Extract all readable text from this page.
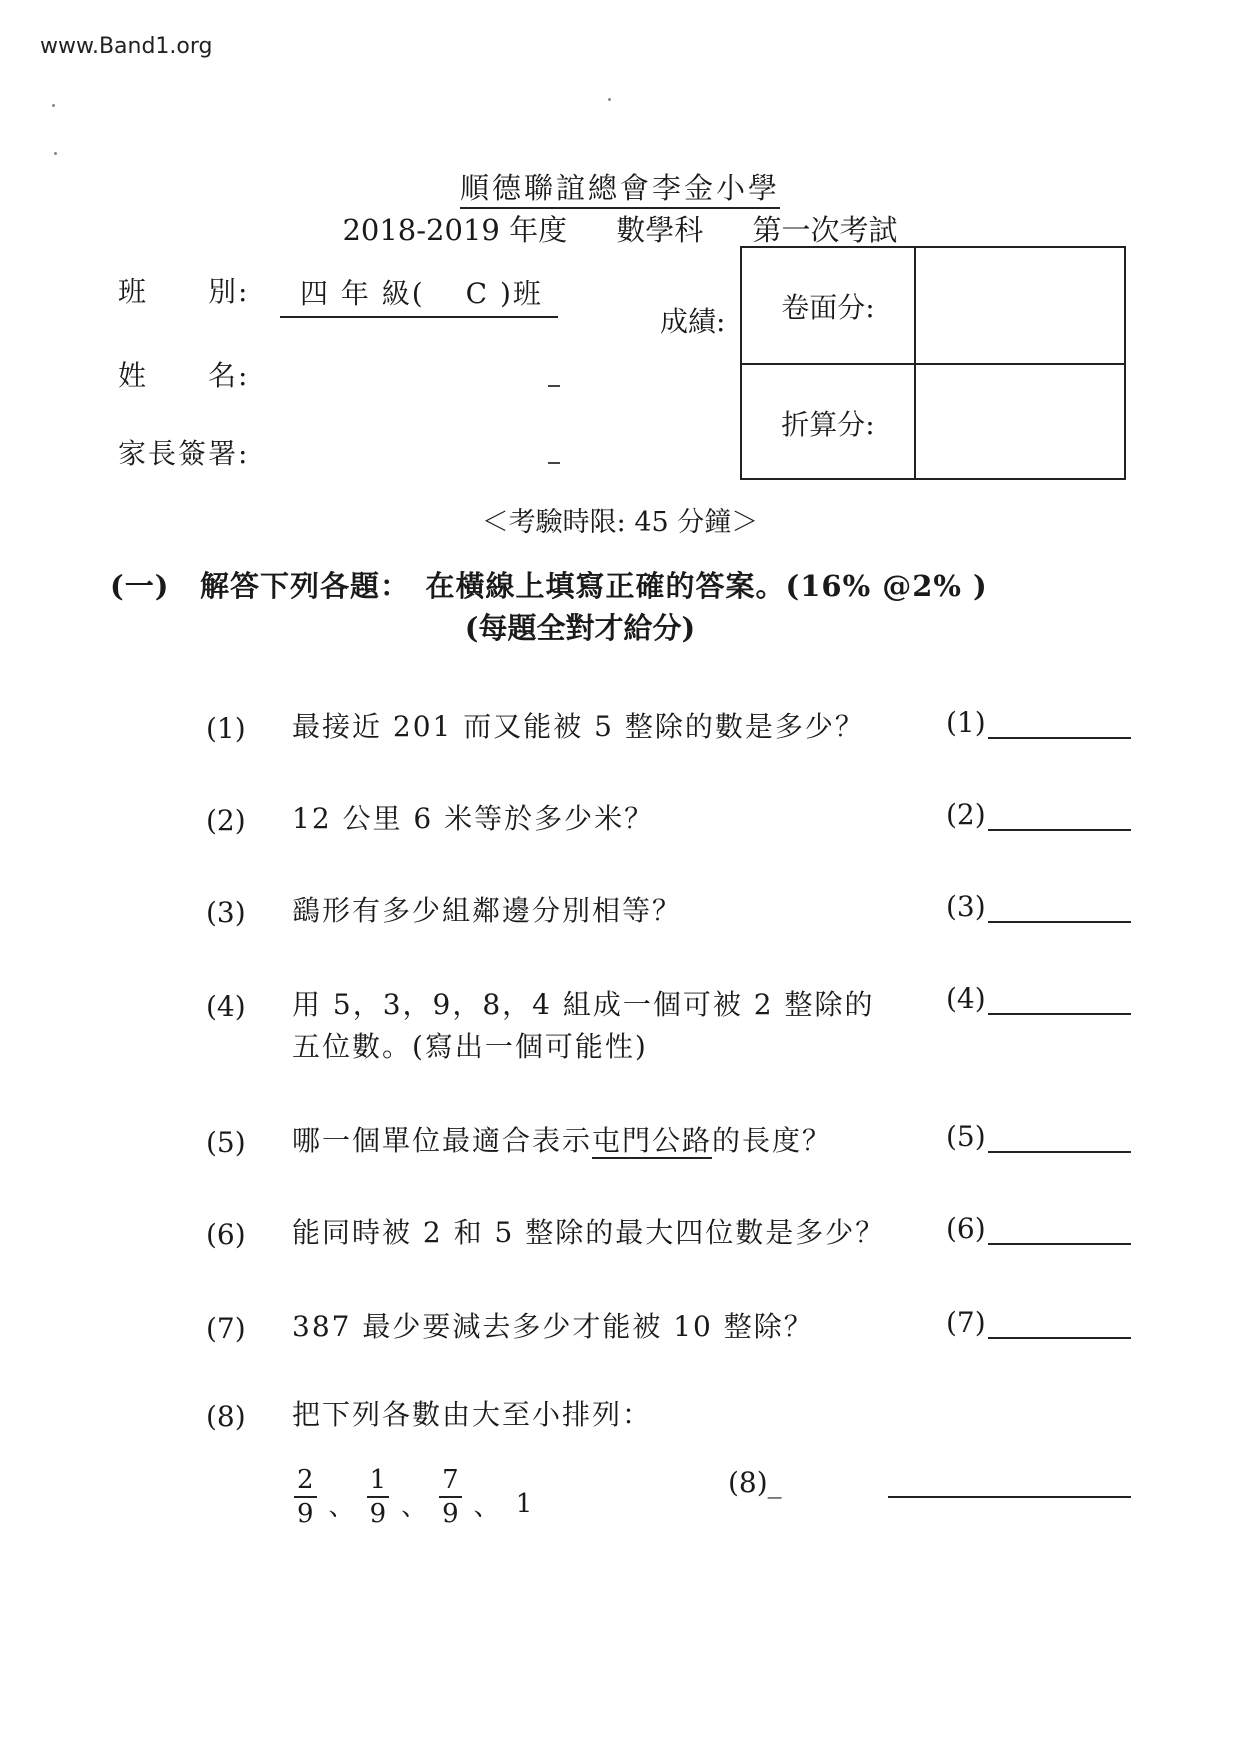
www.Band1.org
順德聯誼總會李金小學
2018-2019 年度 數學科 第一次考試
班　　別:	四 年 級(　 C )班
姓　　名:
家長簽署:
成績:	卷面分:
折算分:
＜考驗時限: 45 分鐘＞
(一) 解答下列各題：　在橫線上填寫正確的答案。(16% @2% )
(每題全對才給分)
(1) 最接近 201 而又能被 5 整除的數是多少？	(1)
(2) 12 公里 6 米等於多少米？	(2)
(3) 鷂形有多少組鄰邊分別相等？	(3)
(4) 用 5，3，9，8，4 組成一個可被 2 整除的
五位數。(寫出一個可能性)
(4)
(5) 哪一個單位最適合表示屯門公路的長度？	(5)
(6) 能同時被 2 和 5 整除的最大四位數是多少？ (6)
(7) 387 最少要減去多少才能被 10 整除？	(7)
(8) 把下列各數由大至小排列：
$\frac{2}{9}$ 、 $\frac{1}{9}$ 、 $\frac{7}{9}$ 、 1
(8)_
